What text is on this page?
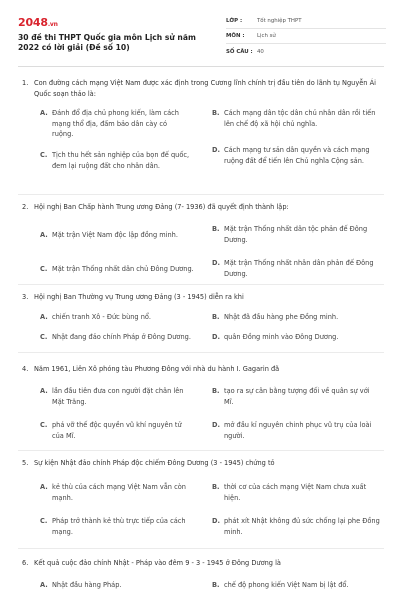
2048.vn
30 đề thi THPT Quốc gia môn Lịch sử năm 2022 có lời giải (Đề số 10)
LỚP :	Tốt nghiệp THPT
MÔN :	Lịch sử
SỐ CÂU : 40
1. Con đường cách mạng Việt Nam được xác định trong Cương lĩnh chính trị đầu tiên do lãnh tụ Nguyễn Ái Quốc soạn thảo là:
A. Đánh đổ địa chủ phong kiến, làm cách mạng thổ địa, đấm bảo dân cày có ruộng.
B. Cách mạng dân tộc dân chủ nhân dân rồi tiến lên chế độ xã hội chủ nghĩa.
C. Tịch thu hết sản nghiệp của bọn đế quốc, đem lại ruộng đất cho nhân dân.
D. Cách mạng tư sản dân quyền và cách mạng ruộng đất để tiến lên Chủ nghĩa Cộng sản.
2. Hội nghị Ban Chấp hành Trung ương Đảng (7- 1936) đã quyết định thành lập:
A. Mặt trận Việt Nam độc lập đồng minh.
B. Mặt trận Thống nhất dân tộc phản đế Đông Dương.
C. Mặt trận Thống nhất dân chủ Đông Dương.
D. Mặt trận Thống nhất nhân dân phản đế Đông Dương.
3. Hội nghị Ban Thường vụ Trung ương Đảng (3 - 1945) diễn ra khi
A. chiến tranh Xô - Đức bùng nổ.	B. Nhật đã đầu hàng phe Đồng minh.
C. Nhật đang đảo chính Pháp ở Đông Dương.	D. quân Đồng minh vào Đông Dương.
4. Năm 1961, Liên Xô phóng tàu Phương Đông với nhà du hành I. Gagarin đã
A. lần đầu tiên đưa con người đặt chân lên Mặt Trăng.
B. tạo ra sự cân bằng tượng đối về quân sự với Mĩ.
C. phá vỡ thế độc quyền vũ khí nguyên tử của Mĩ.
D. mở đầu kỉ nguyên chinh phục vũ trụ của loài người.
5. Sự kiện Nhật đảo chính Pháp độc chiếm Đông Dương (3 - 1945) chứng tỏ
A. kẻ thù của cách mạng Việt Nam vẫn còn mạnh.
B. thời cơ của cách mạng Việt Nam chưa xuất hiện.
C. Pháp trở thành kẻ thù trực tiếp của cách mạng.
D. phát xít Nhật không đủ sức chống lại phe Đồng minh.
6. Kết quả cuộc đảo chính Nhật - Pháp vào đêm 9 - 3 - 1945 ở Đông Dương là
A. Nhật đầu hàng Pháp.	B. chế độ phong kiến Việt Nam bị lật đổ.
